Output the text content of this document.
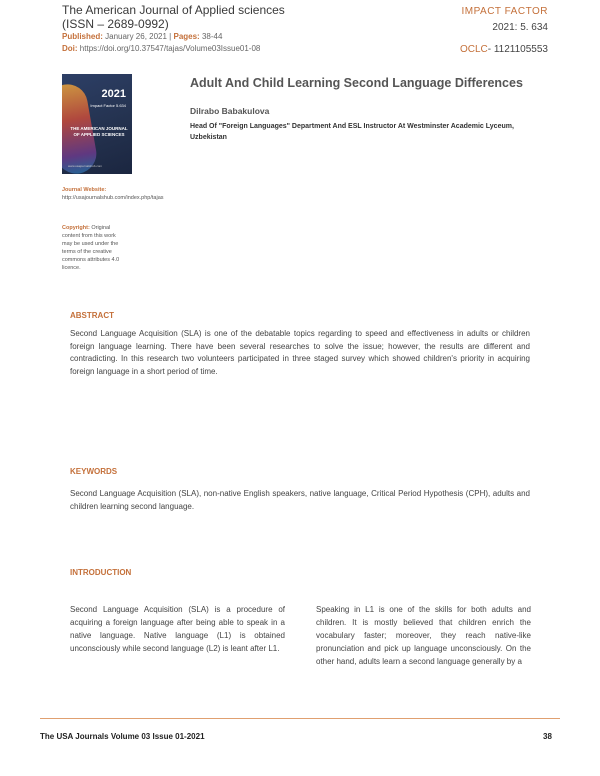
The American Journal of Applied sciences
(ISSN – 2689-0992)
Published: January 26, 2021 | Pages: 38-44
Doi: https://doi.org/10.37547/tajas/Volume03Issue01-08
IMPACT FACTOR
2021: 5. 634
OCLC- 1121105553
2021
Impact Factor 5.634
THE AMERICAN JOURNAL OF APPLIED SCIENCES
www.usajournalshub.com
Journal Website: http://usajournalshub.com/index.php/tajas
Copyright: Original content from this work may be used under the terms of the creative commons attributes 4.0 licence.
Adult And Child Learning Second Language Differences
Dilrabo Babakulova
Head Of "Foreign Languages" Department And ESL Instructor At Westminster Academic Lyceum, Uzbekistan
ABSTRACT
Second Language Acquisition (SLA) is one of the debatable topics regarding to speed and effectiveness in adults or children foreign language learning. There have been several researches to solve the issue; however, the results are different and contradicting. In this research two volunteers participated in three staged survey which showed children's priority in acquiring foreign language in a short period of time.
KEYWORDS
Second Language Acquisition (SLA), non-native English speakers, native language, Critical Period Hypothesis (CPH), adults and children learning second language.
INTRODUCTION
Second Language Acquisition (SLA) is a procedure of acquiring a foreign language after being able to speak in a native language. Native language (L1) is obtained unconsciously while second language (L2) is leant after L1.
Speaking in L1 is one of the skills for both adults and children. It is mostly believed that children enrich the vocabulary faster; moreover, they reach native-like pronunciation and pick up language unconsciously. On the other hand, adults learn a second language generally by a
The USA Journals Volume 03 Issue 01-2021	38
